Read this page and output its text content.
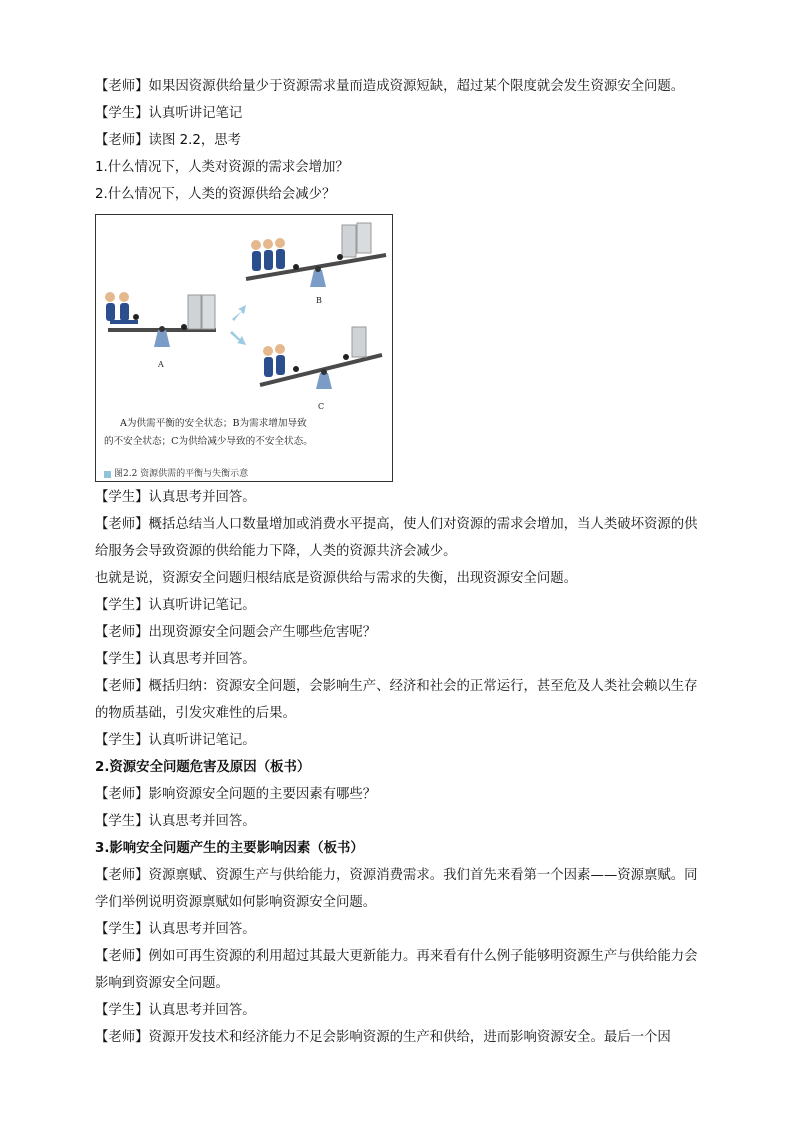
【老师】如果因资源供给量少于资源需求量而造成资源短缺，超过某个限度就会发生资源安全问题。

【学生】认真听讲记笔记

【老师】读图 2.2，思考

1.什么情况下，人类对资源的需求会增加？

2.什么情况下，人类的资源供给会减少？

A
B
C
A为供需平衡的安全状态；B为需求增加导致
的不安全状态；C为供给减少导致的不安全状态。
图2.2 资源供需的平衡与失衡示意

【学生】认真思考并回答。

【老师】概括总结当人口数量增加或消费水平提高，使人们对资源的需求会增加，当人类破坏资源的供给服务会导致资源的供给能力下降，人类的资源共济会减少。

也就是说，资源安全问题归根结底是资源供给与需求的失衡，出现资源安全问题。

【学生】认真听讲记笔记。

【老师】出现资源安全问题会产生哪些危害呢？

【学生】认真思考并回答。

【老师】概括归纳：资源安全问题，会影响生产、经济和社会的正常运行，甚至危及人类社会赖以生存的物质基础，引发灾难性的后果。

【学生】认真听讲记笔记。

2.资源安全问题危害及原因（板书）

【老师】影响资源安全问题的主要因素有哪些？

【学生】认真思考并回答。

3.影响安全问题产生的主要影响因素（板书）

【老师】资源禀赋、资源生产与供给能力，资源消费需求。我们首先来看第一个因素——资源禀赋。同学们举例说明资源禀赋如何影响资源安全问题。

【学生】认真思考并回答。

【老师】例如可再生资源的利用超过其最大更新能力。再来看有什么例子能够明资源生产与供给能力会影响到资源安全问题。

【学生】认真思考并回答。

【老师】资源开发技术和经济能力不足会影响资源的生产和供给，进而影响资源安全。最后一个因
